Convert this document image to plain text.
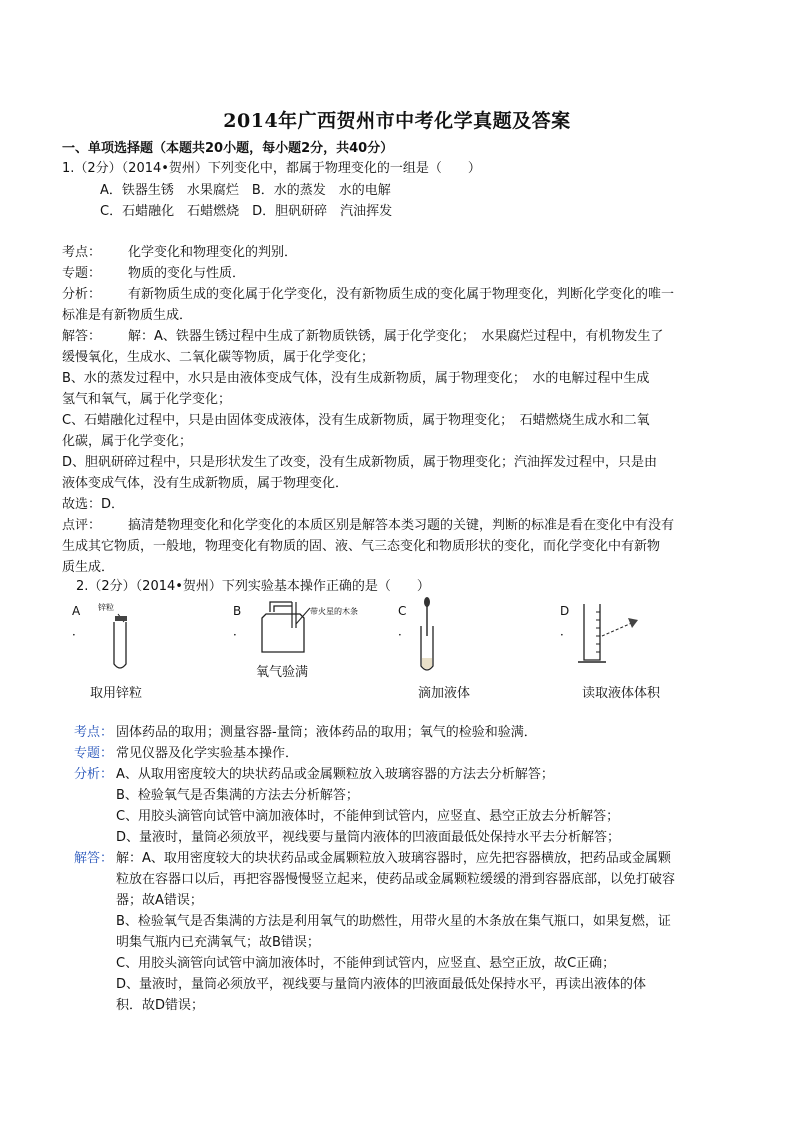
2014年广西贺州市中考化学真题及答案
一、单项选择题（本题共20小题，每小题2分，共40分）
1.（2分）（2014•贺州）下列变化中，都属于物理变化的一组是（　　）
A．铁器生锈　水果腐烂　B．水的蒸发　水的电解
C．石蜡融化　石蜡燃烧　D．胆矾研碎　汽油挥发
考点： 化学变化和物理变化的判别．
专题： 物质的变化与性质．
分析： 有新物质生成的变化属于化学变化，没有新物质生成的变化属于物理变化，判断化学变化的唯一
标准是有新物质生成．
解答： 解：A、铁器生锈过程中生成了新物质铁锈，属于化学变化；　水果腐烂过程中，有机物发生了
缓慢氧化，生成水、二氧化碳等物质，属于化学变化；
B、水的蒸发过程中，水只是由液体变成气体，没有生成新物质，属于物理变化；　水的电解过程中生成
氢气和氧气，属于化学变化；
C、石蜡融化过程中，只是由固体变成液体，没有生成新物质，属于物理变化；　石蜡燃烧生成水和二氧
化碳，属于化学变化；
D、胆矾研碎过程中，只是形状发生了改变，没有生成新物质，属于物理变化；汽油挥发过程中，只是由
液体变成气体，没有生成新物质，属于物理变化．
故选：D．
点评： 搞清楚物理变化和化学变化的本质区别是解答本类习题的关键，判断的标准是看在变化中有没有
生成其它物质，一般地，物理变化有物质的固、液、气三态变化和物质形状的变化，而化学变化中有新物
质生成．
2.（2分）（2014•贺州）下列实验基本操作正确的是（　　）
A
．
锌粒
取用锌粒
B
．
带火星的木条
氧气验满
C
．
滴加液体
D
．
读取液体体积
考点： 固体药品的取用；测量容器-量筒；液体药品的取用；氧气的检验和验满．
专题： 常见仪器及化学实验基本操作．
分析： A、从取用密度较大的块状药品或金属颗粒放入玻璃容器的方法去分析解答；
B、检验氧气是否集满的方法去分析解答；
C、用胶头滴管向试管中滴加液体时，不能伸到试管内，应竖直、悬空正放去分析解答；
D、量液时，量筒必须放平，视线要与量筒内液体的凹液面最低处保持水平去分析解答；
解答： 解：A、取用密度较大的块状药品或金属颗粒放入玻璃容器时，应先把容器横放，把药品或金属颗
粒放在容器口以后，再把容器慢慢竖立起来，使药品或金属颗粒缓缓的滑到容器底部，以免打破容
器；故A错误；
B、检验氧气是否集满的方法是利用氧气的助燃性，用带火星的木条放在集气瓶口，如果复燃，证
明集气瓶内已充满氧气；故B错误；
C、用胶头滴管向试管中滴加液体时，不能伸到试管内，应竖直、悬空正放，故C正确；
D、量液时，量筒必须放平，视线要与量筒内液体的凹液面最低处保持水平，再读出液体的体
积．故D错误；
